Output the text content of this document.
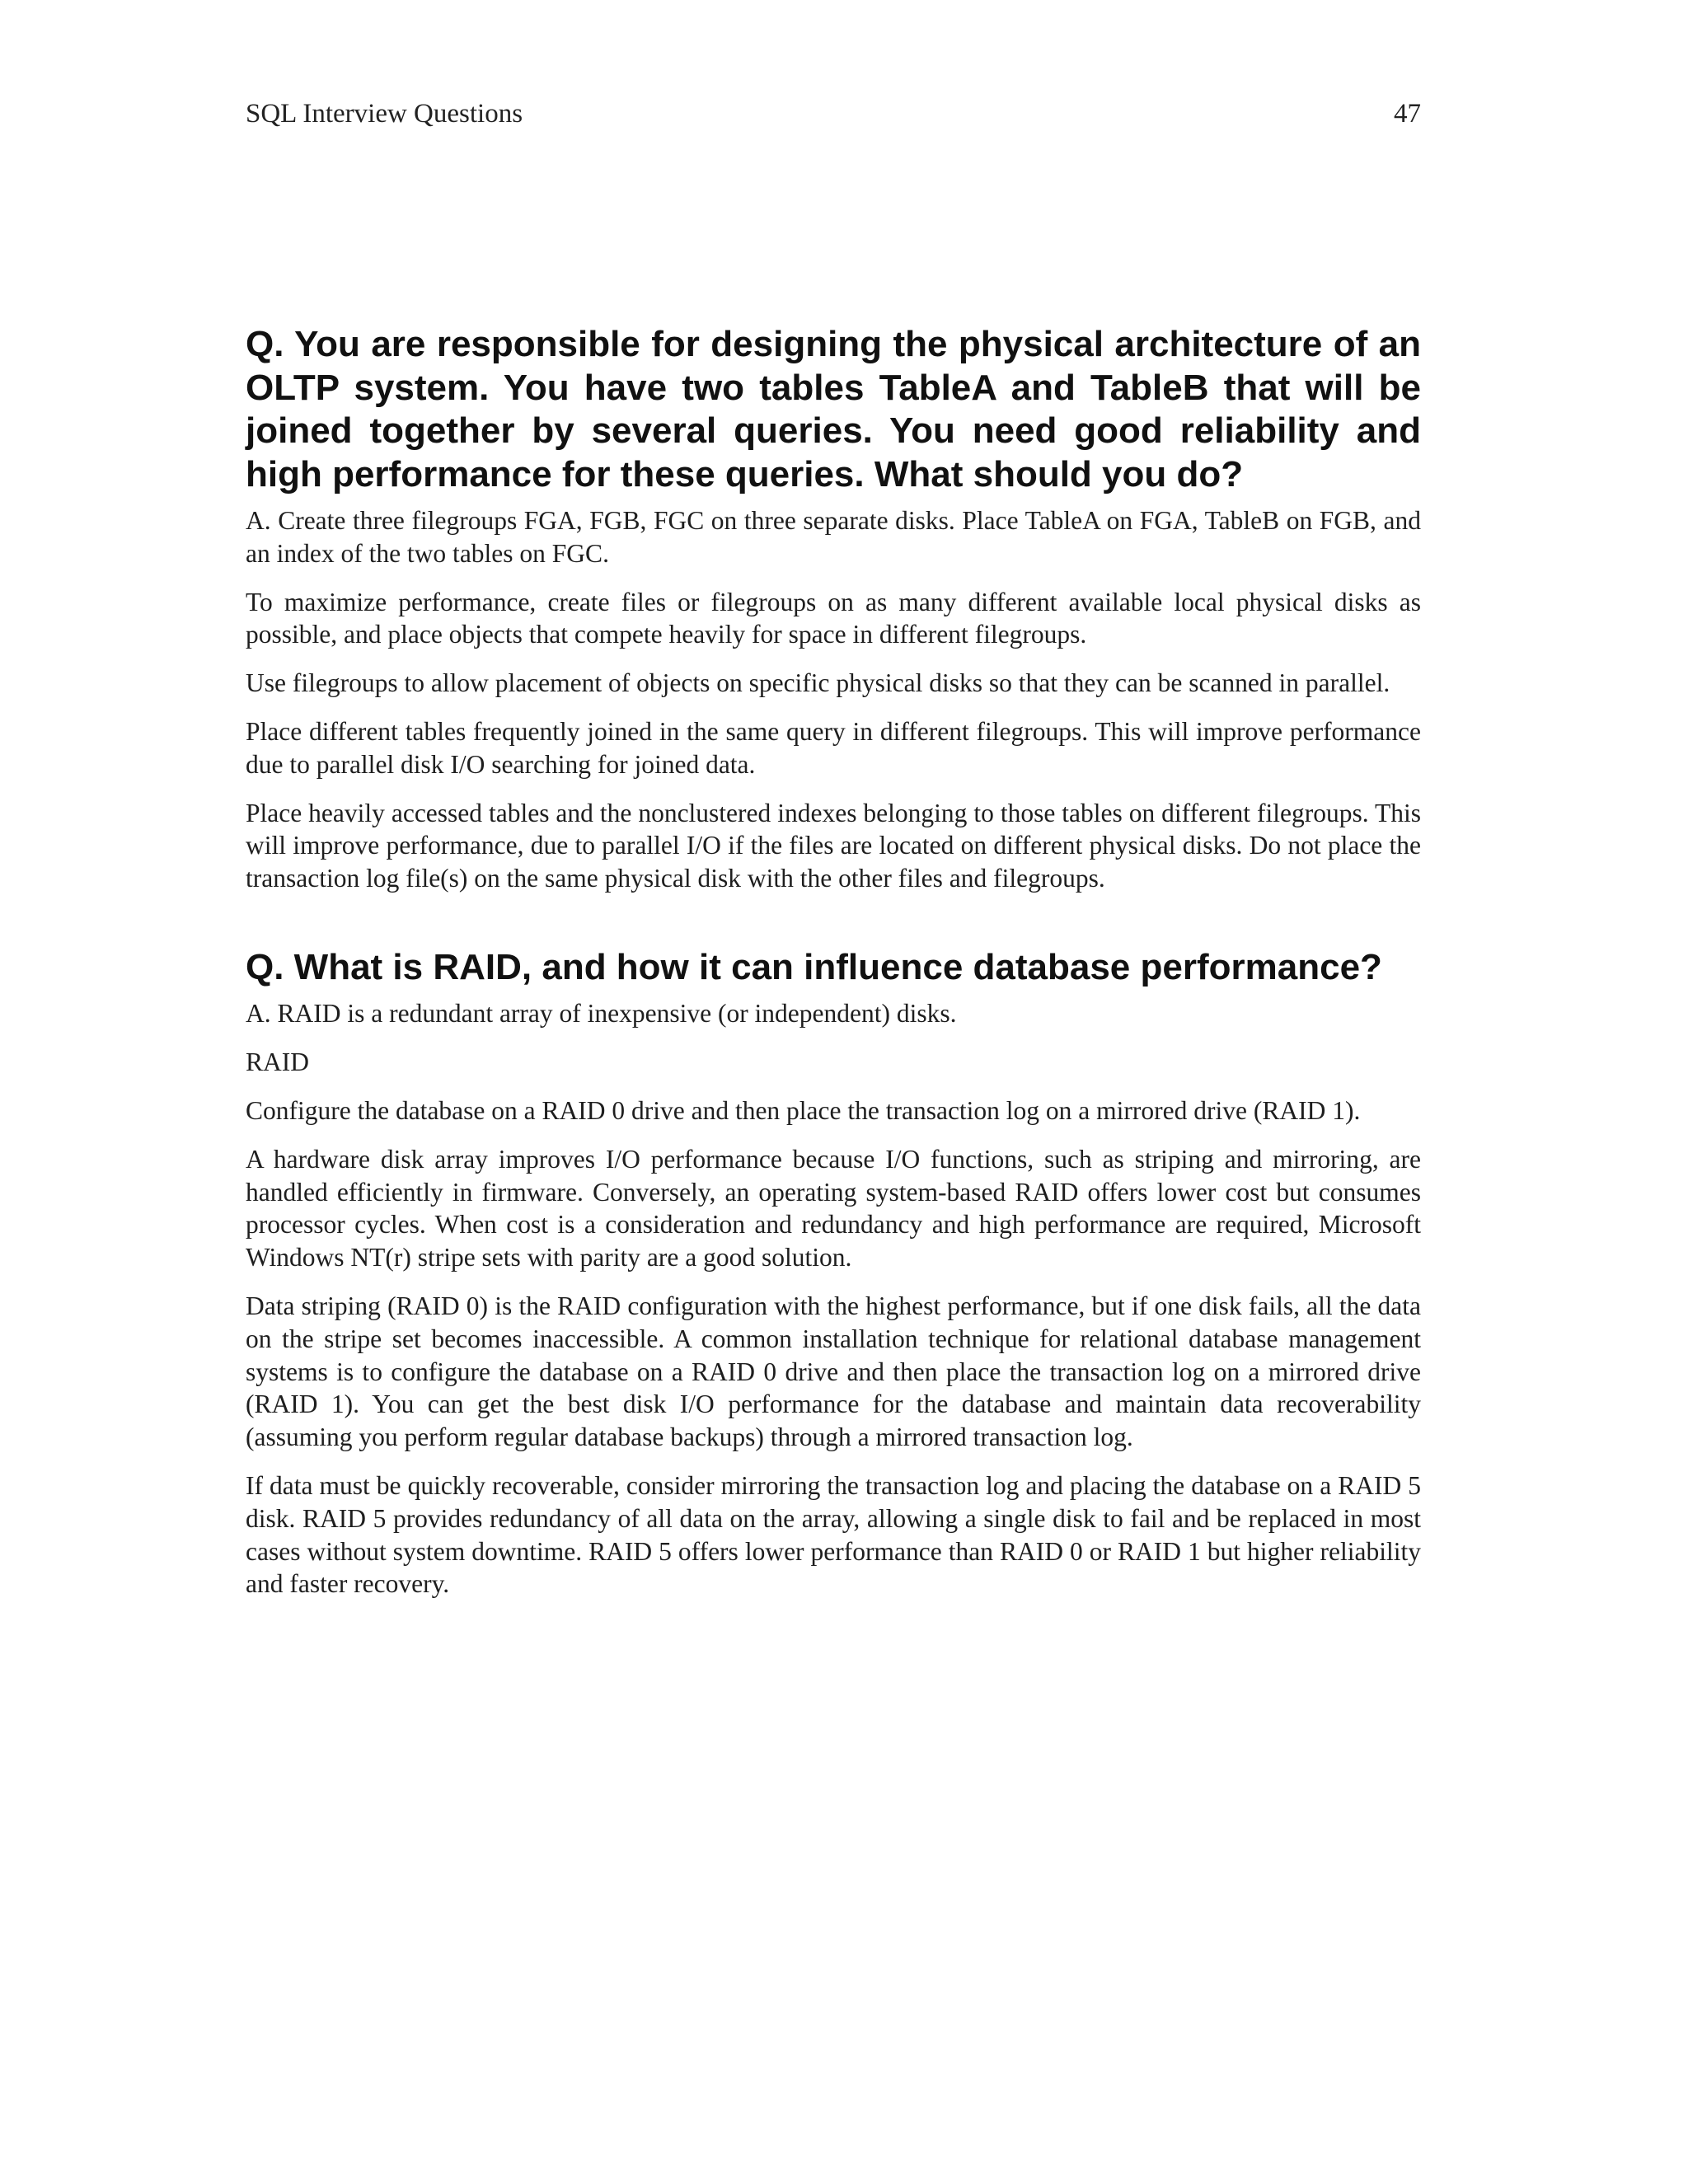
SQL Interview Questions	47
Q. You are responsible for designing the physical architecture of an OLTP system. You have two tables TableA and TableB that will be joined together by several queries. You need good reliability and high performance for these queries. What should you do?

A. Create three filegroups FGA, FGB, FGC on three separate disks. Place TableA on FGA, TableB on FGB, and an index of the two tables on FGC.

To maximize performance, create files or filegroups on as many different available local physical disks as possible, and place objects that compete heavily for space in different filegroups.

Use filegroups to allow placement of objects on specific physical disks so that they can be scanned in parallel.

Place different tables frequently joined in the same query in different filegroups. This will improve performance due to parallel disk I/O searching for joined data.

Place heavily accessed tables and the nonclustered indexes belonging to those tables on different filegroups. This will improve performance, due to parallel I/O if the files are located on different physical disks. Do not place the transaction log file(s) on the same physical disk with the other files and filegroups.

Q. What is RAID, and how it can influence database performance?

A. RAID is a redundant array of inexpensive (or independent) disks.

RAID

Configure the database on a RAID 0 drive and then place the transaction log on a mirrored drive (RAID 1).

A hardware disk array improves I/O performance because I/O functions, such as striping and mirroring, are handled efficiently in firmware. Conversely, an operating system-based RAID offers lower cost but consumes processor cycles. When cost is a consideration and redundancy and high performance are required, Microsoft Windows NT(r) stripe sets with parity are a good solution.

Data striping (RAID 0) is the RAID configuration with the highest performance, but if one disk fails, all the data on the stripe set becomes inaccessible. A common installation technique for relational database management systems is to configure the database on a RAID 0 drive and then place the transaction log on a mirrored drive (RAID 1). You can get the best disk I/O performance for the database and maintain data recoverability (assuming you perform regular database backups) through a mirrored transaction log.

If data must be quickly recoverable, consider mirroring the transaction log and placing the database on a RAID 5 disk. RAID 5 provides redundancy of all data on the array, allowing a single disk to fail and be replaced in most cases without system downtime. RAID 5 offers lower performance than RAID 0 or RAID 1 but higher reliability and faster recovery.
